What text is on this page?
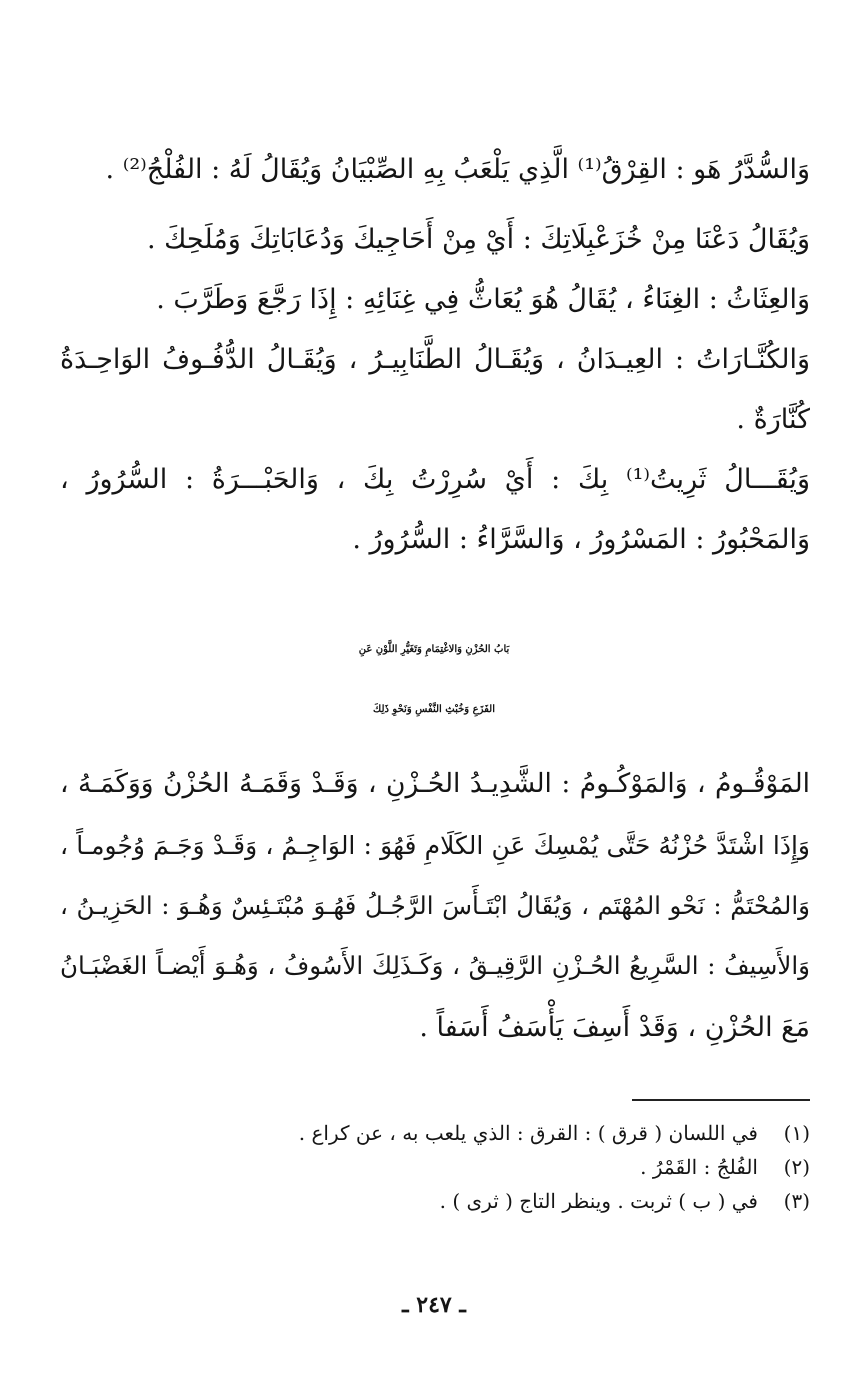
وَالسُّدَّرُ هَو : القِرْقُ⁽¹⁾ الَّذِي يَلْعَبُ بِهِ الصِّبْيَانُ وَيُقَالُ لَهُ : الفُلْجُ⁽²⁾ .
وَيُقَالُ دَعْنَا مِنْ خُزَعْبِلَاتِكَ : أَيْ مِنْ أَحَاجِيكَ وَدُعَابَاتِكَ وَمُلَحِكَ .
وَالعِثَاثُ : الغِنَاءُ ، يُقَالُ هُوَ يُعَاثُّ فِي غِنَائِهِ : إِذَا رَجَّعَ وَطَرَّبَ .
وَالكُنَّـارَاتُ : العِيـدَانُ ، وَيُقَـالُ الطَّنَابِيـرُ ، وَيُقَـالُ الدُّفُـوفُ الوَاحِـدَةُ
كُنَّارَةٌ .
وَيُقَـــالُ ثَرِيتُ⁽¹⁾ بِكَ : أَيْ سُرِرْتُ بِكَ ، وَالحَبْـــرَةُ : السُّرُورُ ،
وَالمَحْبُورُ : المَسْرُورُ ، وَالسَّرَّاءُ : السُّرُورُ .
بَابُ الحُزْنِ وَالاغْتِمَامِ وَتَغَيُّرِ اللَّوْنِ عَنِ
الفَزَعِ وَخُبْثِ النَّفْسِ وَنَحْوِ ذَلِكَ
المَوْقُـومُ ، وَالمَوْكُـومُ : الشَّدِيـدُ الحُـزْنِ ، وَقَـدْ وَقَمَـهُ الحُزْنُ وَوَكَمَـهُ ،
وَإِذَا اشْتَدَّ حُزْنُهُ حَتَّى يُمْسِكَ عَنِ الكَلَامِ فَهُوَ : الوَاجِـمُ ، وَقَـدْ وَجَـمَ وُجُومـاً ،
وَالمُحْتَمُّ : نَحْو المُهْتَم ، وَيُقَالُ ابْتَـأَسَ الرَّجُـلُ فَهُـوَ مُبْتَـئِسٌ وَهُـوَ : الحَزِيـنُ ،
وَالأَسِيفُ : السَّرِيعُ الحُـزْنِ الرَّقِيـقُ ، وَكَـذَلِكَ الأَسُوفُ ، وَهُـوَ أَيْضـاً الغَضْبَـانُ
مَعَ الحُزْنِ ، وَقَدْ أَسِفَ يَأْسَفُ أَسَفاً .
(١)في اللسان ( قرق ) : القرق : الذي يلعب به ، عن كراع .
(٢)الفُلجُ : القَمْرُ .
(٣)في ( ب ) ثربت . وينظر التاج ( ثرى ) .
ـ ٢٤٧ ـ
